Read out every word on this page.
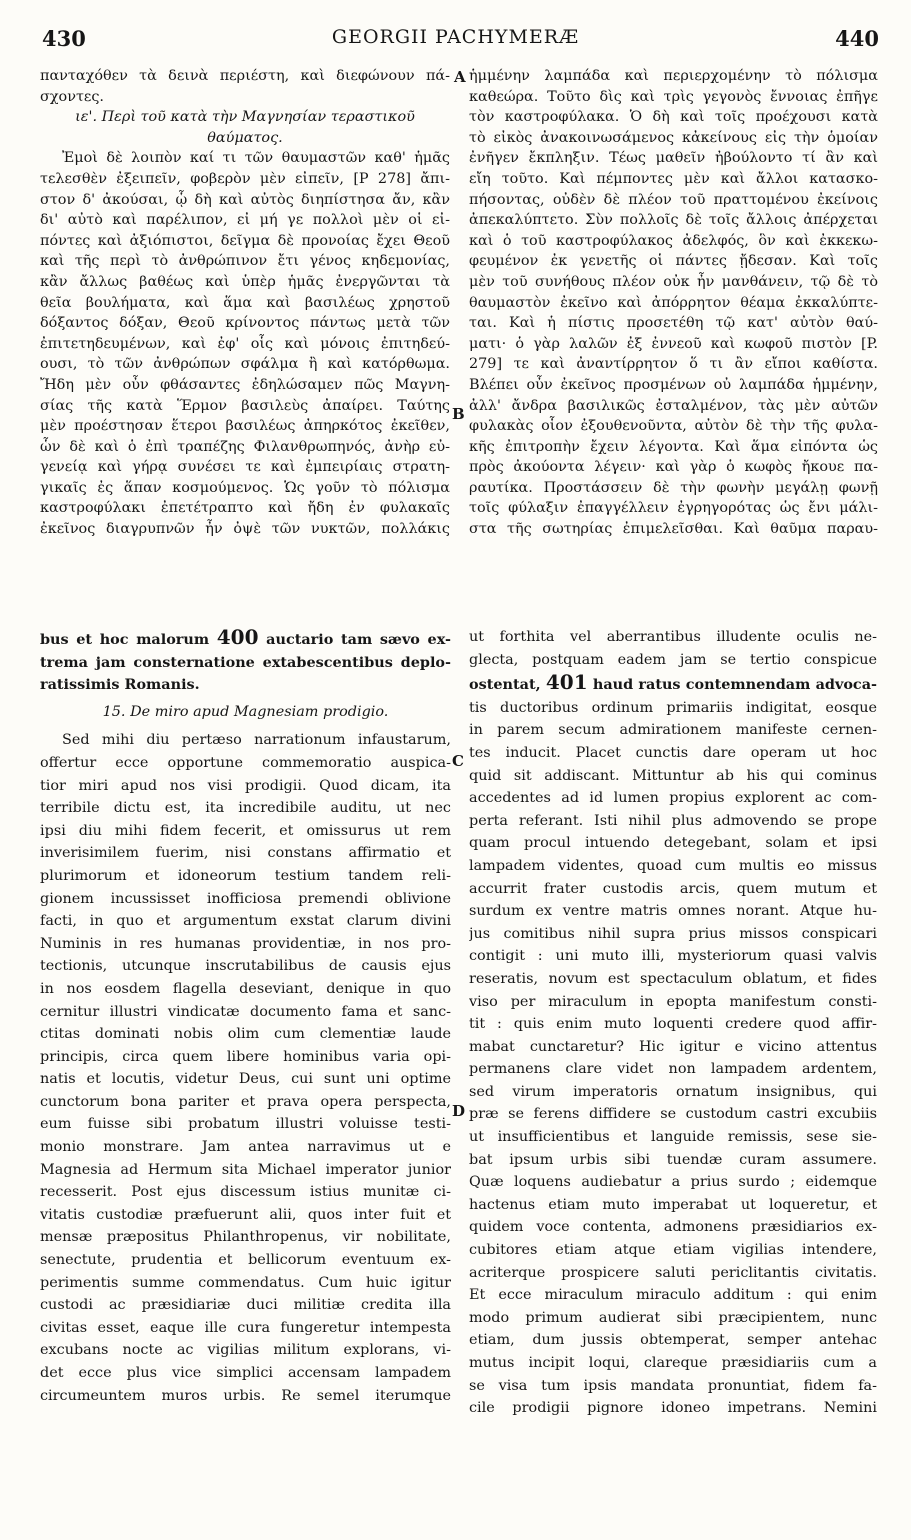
430	GEORGII PACHYMERÆ	440
πανταχόθεν τὰ δεινὰ περιέστη, καὶ διεφώνουν πά-
σχοντες.
ιε'. Περὶ τοῦ κατὰ τὴν Μαγνησίαν τεραστικοῦ
θαύματος.
Ἐμοὶ δὲ λοιπὸν καί τι τῶν θαυμαστῶν καθ' ἡμᾶς
τελεσθὲν ἐξειπεῖν, φοβερὸν μὲν εἰπεῖν, [P 278] ἄπι-
στον δ' ἀκούσαι, ᾧ δὴ καὶ αὐτὸς διηπίστησα ἄν, κἂν
δι' αὐτὸ καὶ παρέλιπον, εἰ μή γε πολλοὶ μὲν οἱ εἰ-
πόντες καὶ ἀξιόπιστοι, δεῖγμα δὲ προνοίας ἔχει Θεοῦ
καὶ τῆς περὶ τὸ ἀνθρώπινον ἔτι γένος κηδεμονίας,
κἂν ἄλλως βαθέως καὶ ὑπὲρ ἡμᾶς ἐνεργῶνται τὰ
θεῖα βουλήματα, καὶ ἅμα καὶ βασιλέως χρηστοῦ
δόξαντος δόξαν, Θεοῦ κρίνοντος πάντως μετὰ τῶν
ἐπιτετηδευμένων, καὶ ἐφ' οἷς καὶ μόνοις ἐπιτηδεύ-
ουσι, τὸ τῶν ἀνθρώπων σφάλμα ἢ καὶ κατόρθωμα.
Ἤδη μὲν οὖν φθάσαντες ἐδηλώσαμεν πῶς Μαγνη-
σίας τῆς κατὰ Ἕρμον βασιλεὺς ἀπαίρει. Ταύτης
μὲν προέστησαν ἕτεροι βασιλέως ἀπηρκότος ἐκεῖθεν,
ὧν δὲ καὶ ὁ ἐπὶ τραπέζης Φιλανθρωπηνός, ἀνὴρ εὐ-
γενείᾳ καὶ γήρᾳ συνέσει τε καὶ ἐμπειρίαις στρατη-
γικαῖς ἐς ἅπαν κοσμούμενος. Ὡς γοῦν τὸ πόλισμα
καστροφύλακι ἐπετέτραπτο καὶ ἤδη ἐν φυλακαῖς
ἐκεῖνος διαγρυπνῶν ἦν ὀψὲ τῶν νυκτῶν, πολλάκις
ἡμμένην λαμπάδα καὶ περιερχομένην τὸ πόλισμα
καθεώρα. Τοῦτο δὶς καὶ τρὶς γεγονὸς ἔννοιας ἐπῆγε
τὸν καστροφύλακα. Ὁ δὴ καὶ τοῖς προέχουσι κατὰ
τὸ εἰκὸς ἀνακοινωσάμενος κἀκείνους εἰς τὴν ὁμοίαν
ἐνῆγεν ἔκπληξιν. Τέως μαθεῖν ἠβούλοντο τί ἂν καὶ
εἴη τοῦτο. Καὶ πέμποντες μὲν καὶ ἄλλοι κατασκο-
πήσοντας, οὐδὲν δὲ πλέον τοῦ πραττομένου ἐκείνοις
ἀπεκαλύπτετο. Σὺν πολλοῖς δὲ τοῖς ἄλλοις ἀπέρχεται
καὶ ὁ τοῦ καστροφύλακος ἀδελφός, ὃν καὶ ἐκκεκω-
φευμένον ἐκ γενετῆς οἱ πάντες ᾔδεσαν. Καὶ τοῖς
μὲν τοῦ συνήθους πλέον οὐκ ἦν μανθάνειν, τῷ δὲ τὸ
θαυμαστὸν ἐκεῖνο καὶ ἀπόρρητον θέαμα ἐκκαλύπτε-
ται. Καὶ ἡ πίστις προσετέθη τῷ κατ' αὐτὸν θαύ-
ματι· ὁ γὰρ λαλῶν ἐξ ἐννεοῦ καὶ κωφοῦ πιστὸν [P.
279] τε καὶ ἀναντίρρητον ὅ τι ἂν εἴποι καθίστα.
Βλέπει οὖν ἐκεῖνος προσμένων οὐ λαμπάδα ἡμμένην,
ἀλλ' ἄνδρα βασιλικῶς ἐσταλμένον, τὰς μὲν αὐτῶν
φυλακὰς οἷον ἐξουθενοῦντα, αὐτὸν δὲ τὴν τῆς φυλα-
κῆς ἐπιτροπὴν ἔχειν λέγοντα. Καὶ ἅμα εἰπόντα ὡς
πρὸς ἀκούοντα λέγειν· καὶ γὰρ ὁ κωφὸς ἤκουε πα-
ραυτίκα. Προστάσσειν δὲ τὴν φωνὴν μεγάλῃ φωνῇ
τοῖς φύλαξιν ἐπαγγέλλειν ἐγρηγορότας ὡς ἔνι μάλι-
στα τῆς σωτηρίας ἐπιμελεῖσθαι. Καὶ θαῦμα παραυ-
A
B
C
D
bus et hoc malorum 400 auctario tam sævo ex-
trema jam consternatione extabescentibus deplo-
ratissimis Romanis.
15. De miro apud Magnesiam prodigio.
Sed mihi diu pertæso narrationum infaustarum,
offertur ecce opportune commemoratio auspica-
tior miri apud nos visi prodigii. Quod dicam, ita
terribile dictu est, ita incredibile auditu, ut nec
ipsi diu mihi fidem fecerit, et omissurus ut rem
inverisimilem fuerim, nisi constans affirmatio et
plurimorum et idoneorum testium tandem reli-
gionem incussisset inofficiosa premendi oblivione
facti, in quo et argumentum exstat clarum divini
Numinis in res humanas providentiæ, in nos pro-
tectionis, utcunque inscrutabilibus de causis ejus
in nos eosdem flagella deseviant, denique in quo
cernitur illustri vindicatæ documento fama et sanc-
ctitas dominati nobis olim cum clementiæ laude
principis, circa quem libere hominibus varia opi-
natis et locutis, videtur Deus, cui sunt uni optime
cunctorum bona pariter et prava opera perspecta,
eum fuisse sibi probatum illustri voluisse testi-
monio monstrare. Jam antea narravimus ut e
Magnesia ad Hermum sita Michael imperator junior
recesserit. Post ejus discessum istius munitæ ci-
vitatis custodiæ præfuerunt alii, quos inter fuit et
mensæ præpositus Philanthropenus, vir nobilitate,
senectute, prudentia et bellicorum eventuum ex-
perimentis summe commendatus. Cum huic igitur
custodi ac præsidiariæ duci militiæ credita illa
civitas esset, eaque ille cura fungeretur intempesta
excubans nocte ac vigilias militum explorans, vi-
det ecce plus vice simplici accensam lampadem
circumeuntem muros urbis. Re semel iterumque
ut forthita vel aberrantibus illudente oculis ne-
glecta, postquam eadem jam se tertio conspicue
ostentat, 401 haud ratus contemnendam advoca-
tis ductoribus ordinum primariis indigitat, eosque
in parem secum admirationem manifeste cernen-
tes inducit. Placet cunctis dare operam ut hoc
quid sit addiscant. Mittuntur ab his qui cominus
accedentes ad id lumen propius explorent ac com-
perta referant. Isti nihil plus admovendo se prope
quam procul intuendo detegebant, solam et ipsi
lampadem videntes, quoad cum multis eo missus
accurrit frater custodis arcis, quem mutum et
surdum ex ventre matris omnes norant. Atque hu-
jus comitibus nihil supra prius missos conspicari
contigit : uni muto illi, mysteriorum quasi valvis
reseratis, novum est spectaculum oblatum, et fides
viso per miraculum in epopta manifestum consti-
tit : quis enim muto loquenti credere quod affir-
mabat cunctaretur? Hic igitur e vicino attentus
permanens clare videt non lampadem ardentem,
sed virum imperatoris ornatum insignibus, qui
præ se ferens diffidere se custodum castri excubiis
ut insufficientibus et languide remissis, sese sie-
bat ipsum urbis sibi tuendæ curam assumere.
Quæ loquens audiebatur a prius surdo ; eidemque
hactenus etiam muto imperabat ut loqueretur, et
quidem voce contenta, admonens præsidiarios ex-
cubitores etiam atque etiam vigilias intendere,
acriterque prospicere saluti periclitantis civitatis.
Et ecce miraculum miraculo additum : qui enim
modo primum audierat sibi præcipientem, nunc
etiam, dum jussis obtemperat, semper antehac
mutus incipit loqui, clareque præsidiariis cum a
se visa tum ipsis mandata pronuntiat, fidem fa-
cile prodigii pignore idoneo impetrans. Nemini
